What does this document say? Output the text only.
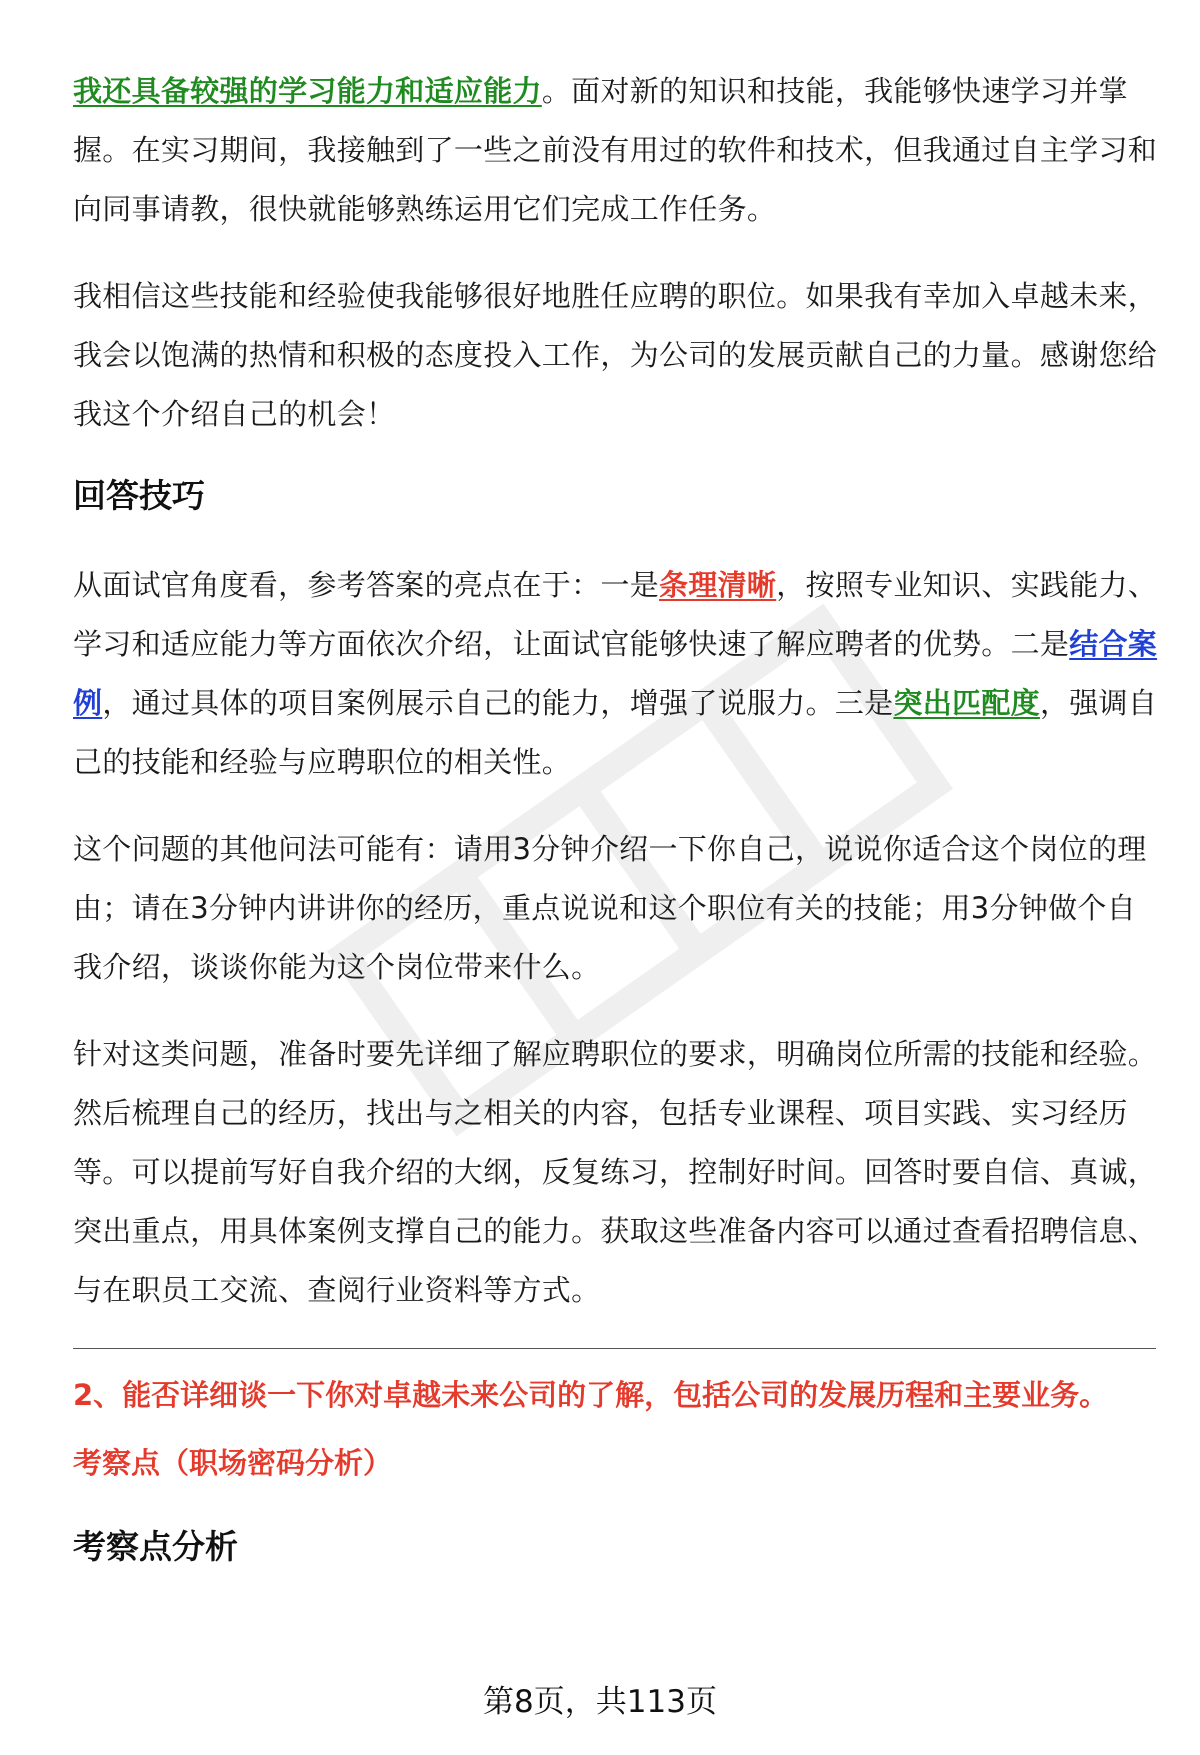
我还具备较强的学习能力和适应能力。面对新的知识和技能，我能够快速学习并掌握。在实习期间，我接触到了一些之前没有用过的软件和技术，但我通过自主学习和向同事请教，很快就能够熟练运用它们完成工作任务。

我相信这些技能和经验使我能够很好地胜任应聘的职位。如果我有幸加入卓越未来，我会以饱满的热情和积极的态度投入工作，为公司的发展贡献自己的力量。感谢您给我这个介绍自己的机会！

回答技巧

从面试官角度看，参考答案的亮点在于：一是条理清晰，按照专业知识、实践能力、学习和适应能力等方面依次介绍，让面试官能够快速了解应聘者的优势。二是结合案例，通过具体的项目案例展示自己的能力，增强了说服力。三是突出匹配度，强调自己的技能和经验与应聘职位的相关性。

这个问题的其他问法可能有：请用3分钟介绍一下你自己，说说你适合这个岗位的理由；请在3分钟内讲讲你的经历，重点说说和这个职位有关的技能；用3分钟做个自我介绍，谈谈你能为这个岗位带来什么。

针对这类问题，准备时要先详细了解应聘职位的要求，明确岗位所需的技能和经验。然后梳理自己的经历，找出与之相关的内容，包括专业课程、项目实践、实习经历等。可以提前写好自我介绍的大纲，反复练习，控制好时间。回答时要自信、真诚，突出重点，用具体案例支撑自己的能力。获取这些准备内容可以通过查看招聘信息、与在职员工交流、查阅行业资料等方式。

2、能否详细谈一下你对卓越未来公司的了解，包括公司的发展历程和主要业务。
考察点（职场密码分析）
考察点分析
第8页，共113页
